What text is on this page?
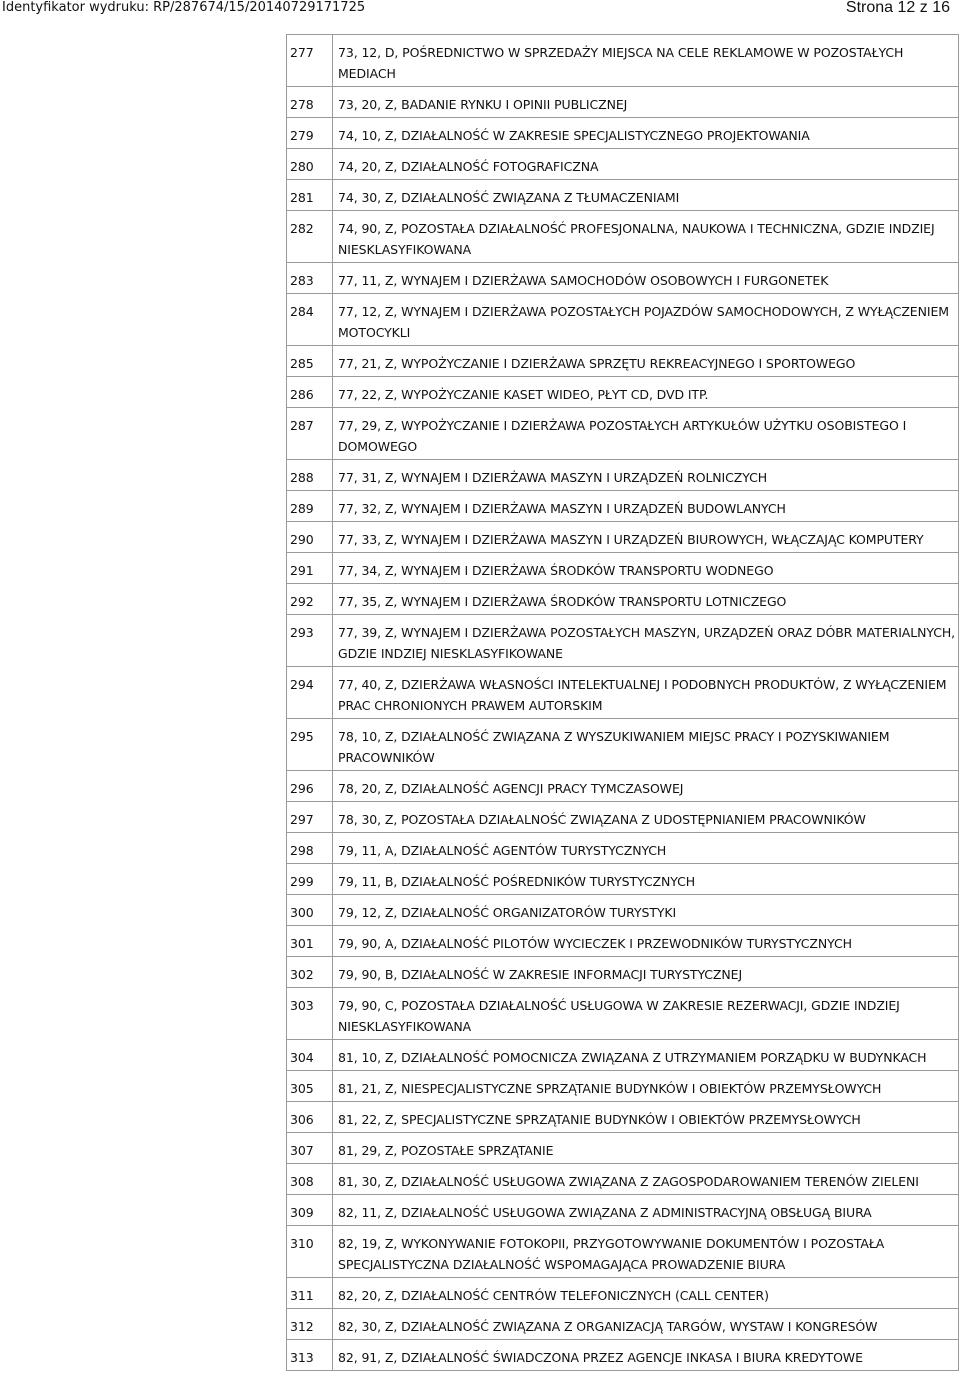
Identyfikator wydruku: RP/287674/15/20140729171725	Strona 12 z 16
277	73, 12, D, POŚREDNICTWO W SPRZEDAŻY MIEJSCA NA CELE REKLAMOWE W POZOSTAŁYCH MEDIACH
278	73, 20, Z, BADANIE RYNKU I OPINII PUBLICZNEJ
279	74, 10, Z, DZIAŁALNOŚĆ W ZAKRESIE SPECJALISTYCZNEGO PROJEKTOWANIA
280	74, 20, Z, DZIAŁALNOŚĆ FOTOGRAFICZNA
281	74, 30, Z, DZIAŁALNOŚĆ ZWIĄZANA Z TŁUMACZENIAMI
282	74, 90, Z, POZOSTAŁA DZIAŁALNOŚĆ PROFESJONALNA, NAUKOWA I TECHNICZNA, GDZIE INDZIEJ NIESKLASYFIKOWANA
283	77, 11, Z, WYNAJEM I DZIERŻAWA SAMOCHODÓW OSOBOWYCH I FURGONETEK
284	77, 12, Z, WYNAJEM I DZIERŻAWA POZOSTAŁYCH POJAZDÓW SAMOCHODOWYCH, Z WYŁĄCZENIEM MOTOCYKLI
285	77, 21, Z, WYPOŻYCZANIE I DZIERŻAWA SPRZĘTU REKREACYJNEGO I SPORTOWEGO
286	77, 22, Z, WYPOŻYCZANIE KASET WIDEO, PŁYT CD, DVD ITP.
287	77, 29, Z, WYPOŻYCZANIE I DZIERŻAWA POZOSTAŁYCH ARTYKUŁÓW UŻYTKU OSOBISTEGO I DOMOWEGO
288	77, 31, Z, WYNAJEM I DZIERŻAWA MASZYN I URZĄDZEŃ ROLNICZYCH
289	77, 32, Z, WYNAJEM I DZIERŻAWA MASZYN I URZĄDZEŃ BUDOWLANYCH
290	77, 33, Z, WYNAJEM I DZIERŻAWA MASZYN I URZĄDZEŃ BIUROWYCH, WŁĄCZAJĄC KOMPUTERY
291	77, 34, Z, WYNAJEM I DZIERŻAWA ŚRODKÓW TRANSPORTU WODNEGO
292	77, 35, Z, WYNAJEM I DZIERŻAWA ŚRODKÓW TRANSPORTU LOTNICZEGO
293	77, 39, Z, WYNAJEM I DZIERŻAWA POZOSTAŁYCH MASZYN, URZĄDZEŃ ORAZ DÓBR MATERIALNYCH, GDZIE INDZIEJ NIESKLASYFIKOWANE
294	77, 40, Z, DZIERŻAWA WŁASNOŚCI INTELEKTUALNEJ I PODOBNYCH PRODUKTÓW, Z WYŁĄCZENIEM PRAC CHRONIONYCH PRAWEM AUTORSKIM
295	78, 10, Z, DZIAŁALNOŚĆ ZWIĄZANA Z WYSZUKIWANIEM MIEJSC PRACY I POZYSKIWANIEM PRACOWNIKÓW
296	78, 20, Z, DZIAŁALNOŚĆ AGENCJI PRACY TYMCZASOWEJ
297	78, 30, Z, POZOSTAŁA DZIAŁALNOŚĆ ZWIĄZANA Z UDOSTĘPNIANIEM PRACOWNIKÓW
298	79, 11, A, DZIAŁALNOŚĆ AGENTÓW TURYSTYCZNYCH
299	79, 11, B, DZIAŁALNOŚĆ POŚREDNIKÓW TURYSTYCZNYCH
300	79, 12, Z, DZIAŁALNOŚĆ ORGANIZATORÓW TURYSTYKI
301	79, 90, A, DZIAŁALNOŚĆ PILOTÓW WYCIECZEK I PRZEWODNIKÓW TURYSTYCZNYCH
302	79, 90, B, DZIAŁALNOŚĆ W ZAKRESIE INFORMACJI TURYSTYCZNEJ
303	79, 90, C, POZOSTAŁA DZIAŁALNOŚĆ USŁUGOWA W ZAKRESIE REZERWACJI, GDZIE INDZIEJ NIESKLASYFIKOWANA
304	81, 10, Z, DZIAŁALNOŚĆ POMOCNICZA ZWIĄZANA Z UTRZYMANIEM PORZĄDKU W BUDYNKACH
305	81, 21, Z, NIESPECJALISTYCZNE SPRZĄTANIE BUDYNKÓW I OBIEKTÓW PRZEMYSŁOWYCH
306	81, 22, Z, SPECJALISTYCZNE SPRZĄTANIE BUDYNKÓW I OBIEKTÓW PRZEMYSŁOWYCH
307	81, 29, Z, POZOSTAŁE SPRZĄTANIE
308	81, 30, Z, DZIAŁALNOŚĆ USŁUGOWA ZWIĄZANA Z ZAGOSPODAROWANIEM TERENÓW ZIELENI
309	82, 11, Z, DZIAŁALNOŚĆ USŁUGOWA ZWIĄZANA Z ADMINISTRACYJNĄ OBSŁUGĄ BIURA
310	82, 19, Z, WYKONYWANIE FOTOKOPII, PRZYGOTOWYWANIE DOKUMENTÓW I POZOSTAŁA SPECJALISTYCZNA DZIAŁALNOŚĆ WSPOMAGAJĄCA PROWADZENIE BIURA
311	82, 20, Z, DZIAŁALNOŚĆ CENTRÓW TELEFONICZNYCH (CALL CENTER)
312	82, 30, Z, DZIAŁALNOŚĆ ZWIĄZANA Z ORGANIZACJĄ TARGÓW, WYSTAW I KONGRESÓW
313	82, 91, Z, DZIAŁALNOŚĆ ŚWIADCZONA PRZEZ AGENCJE INKASA I BIURA KREDYTOWE
